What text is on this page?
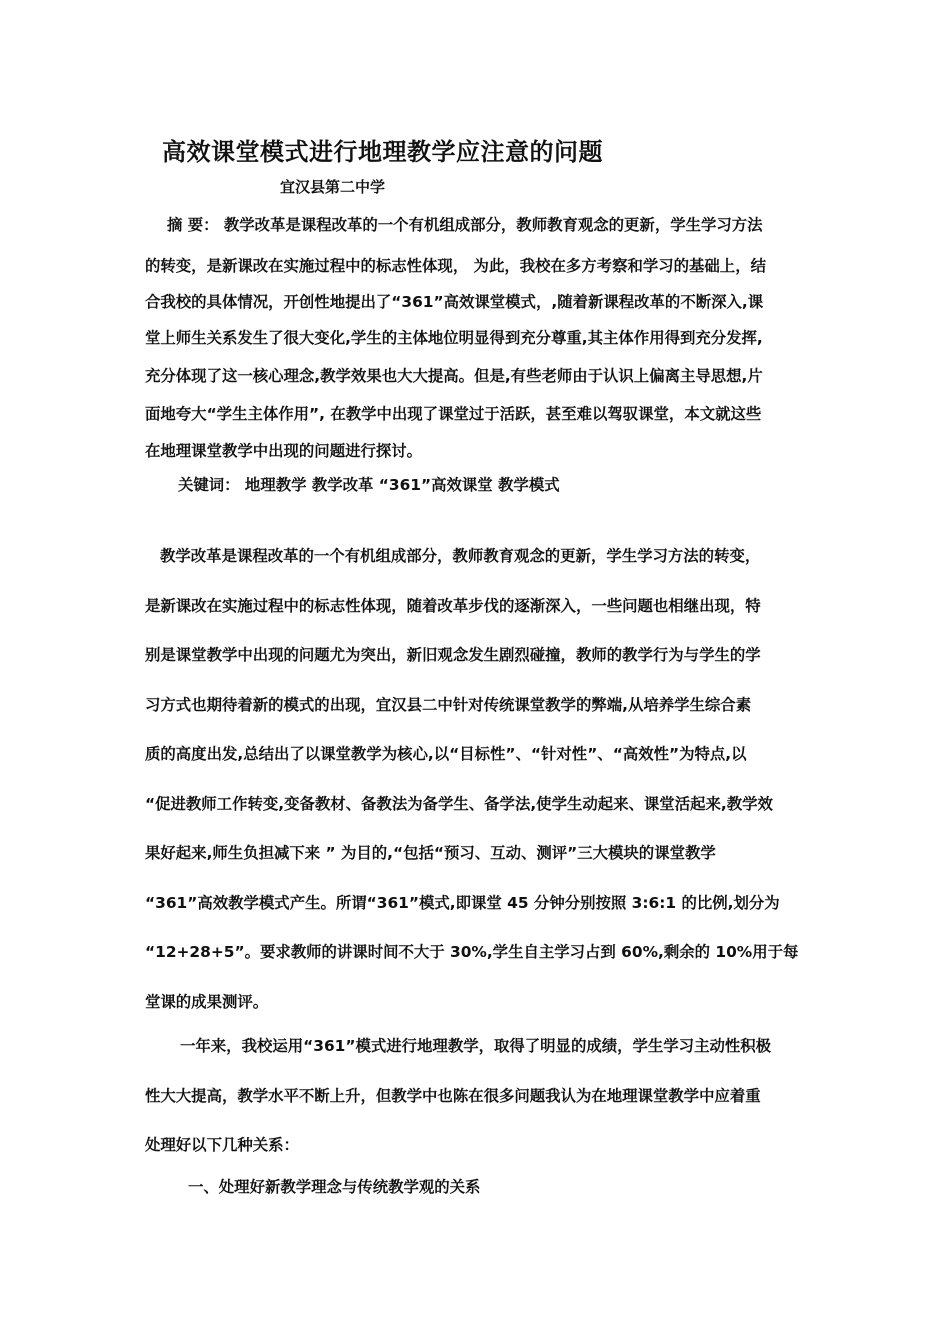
高效课堂模式进行地理教学应注意的问题
宜汉县第二中学
摘 要： 教学改革是课程改革的一个有机组成部分，教师教育观念的更新，学生学习方法
的转变，是新课改在实施过程中的标志性体现， 为此，我校在多方考察和学习的基础上，结
合我校的具体情况，开创性地提出了“361”高效课堂模式，,随着新课程改革的不断深入,课
堂上师生关系发生了很大变化,学生的主体地位明显得到充分尊重,其主体作用得到充分发挥,
充分体现了这一核心理念,教学效果也大大提高。但是,有些老师由于认识上偏离主导思想,片
面地夸大“学生主体作用”, 在教学中出现了课堂过于活跃，甚至难以驾驭课堂，本文就这些
在地理课堂教学中出现的问题进行探讨。
关键词： 地理教学 教学改革 “361”高效课堂 教学模式
教学改革是课程改革的一个有机组成部分，教师教育观念的更新，学生学习方法的转变，
是新课改在实施过程中的标志性体现，随着改革步伐的逐渐深入，一些问题也相继出现，特
别是课堂教学中出现的问题尤为突出，新旧观念发生剧烈碰撞，教师的教学行为与学生的学
习方式也期待着新的模式的出现，宜汉县二中针对传统课堂教学的弊端,从培养学生综合素
质的高度出发,总结出了以课堂教学为核心,以“目标性”、“针对性”、“高效性”为特点,以
“促进教师工作转变,变备教材、备教法为备学生、备学法,使学生动起来、课堂活起来,教学效
果好起来,师生负担减下来 ” 为目的,“包括“预习、互动、测评”三大模块的课堂教学
“361”高效教学模式产生。所谓“361”模式,即课堂 45 分钟分别按照 3:6:1 的比例,划分为
“12+28+5”。要求教师的讲课时间不大于 30%,学生自主学习占到 60%,剩余的 10%用于每
堂课的成果测评。
一年来，我校运用“361”模式进行地理教学，取得了明显的成绩，学生学习主动性积极
性大大提高，教学水平不断上升，但教学中也陈在很多问题我认为在地理课堂教学中应着重
处理好以下几种关系：
一、处理好新教学理念与传统教学观的关系
